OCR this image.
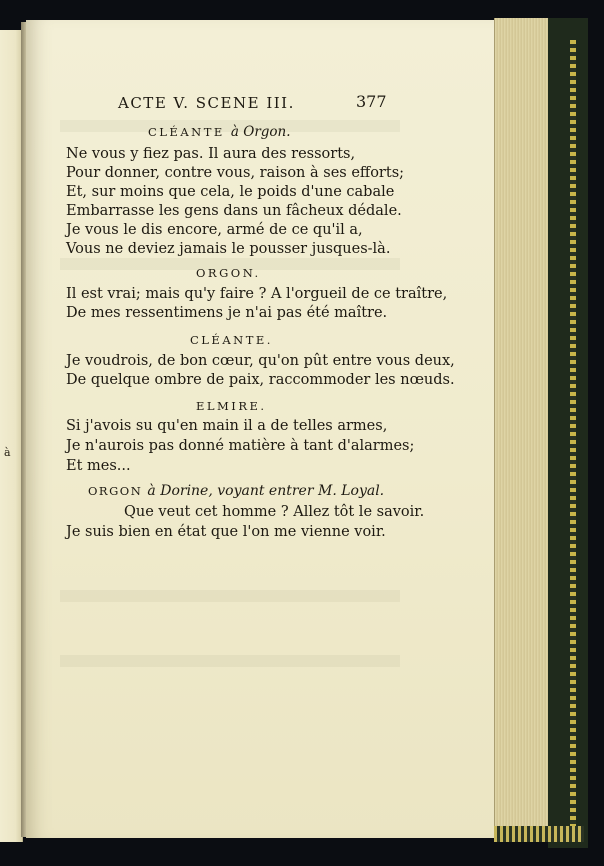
à
ACTE V. SCENE III.	377
CLÉANTE à Orgon.
Ne vous y fiez pas. Il aura des ressorts,
Pour donner, contre vous, raison à ses efforts;
Et, sur moins que cela, le poids d'une cabale
Embarrasse les gens dans un fâcheux dédale.
Je vous le dis encore, armé de ce qu'il a,
Vous ne deviez jamais le pousser jusques-là.
ORGON.
Il est vrai; mais qu'y faire ? A l'orgueil de ce traître,
De mes ressentimens je n'ai pas été maître.
CLÉANTE.
Je voudrois, de bon cœur, qu'on pût entre vous deux,
De quelque ombre de paix, raccommoder les nœuds.
ELMIRE.
Si j'avois su qu'en main il a de telles armes,
Je n'aurois pas donné matière à tant d'alarmes;
Et mes...
ORGON à Dorine, voyant entrer M. Loyal.
Que veut cet homme ? Allez tôt le savoir.
Je suis bien en état que l'on me vienne voir.
